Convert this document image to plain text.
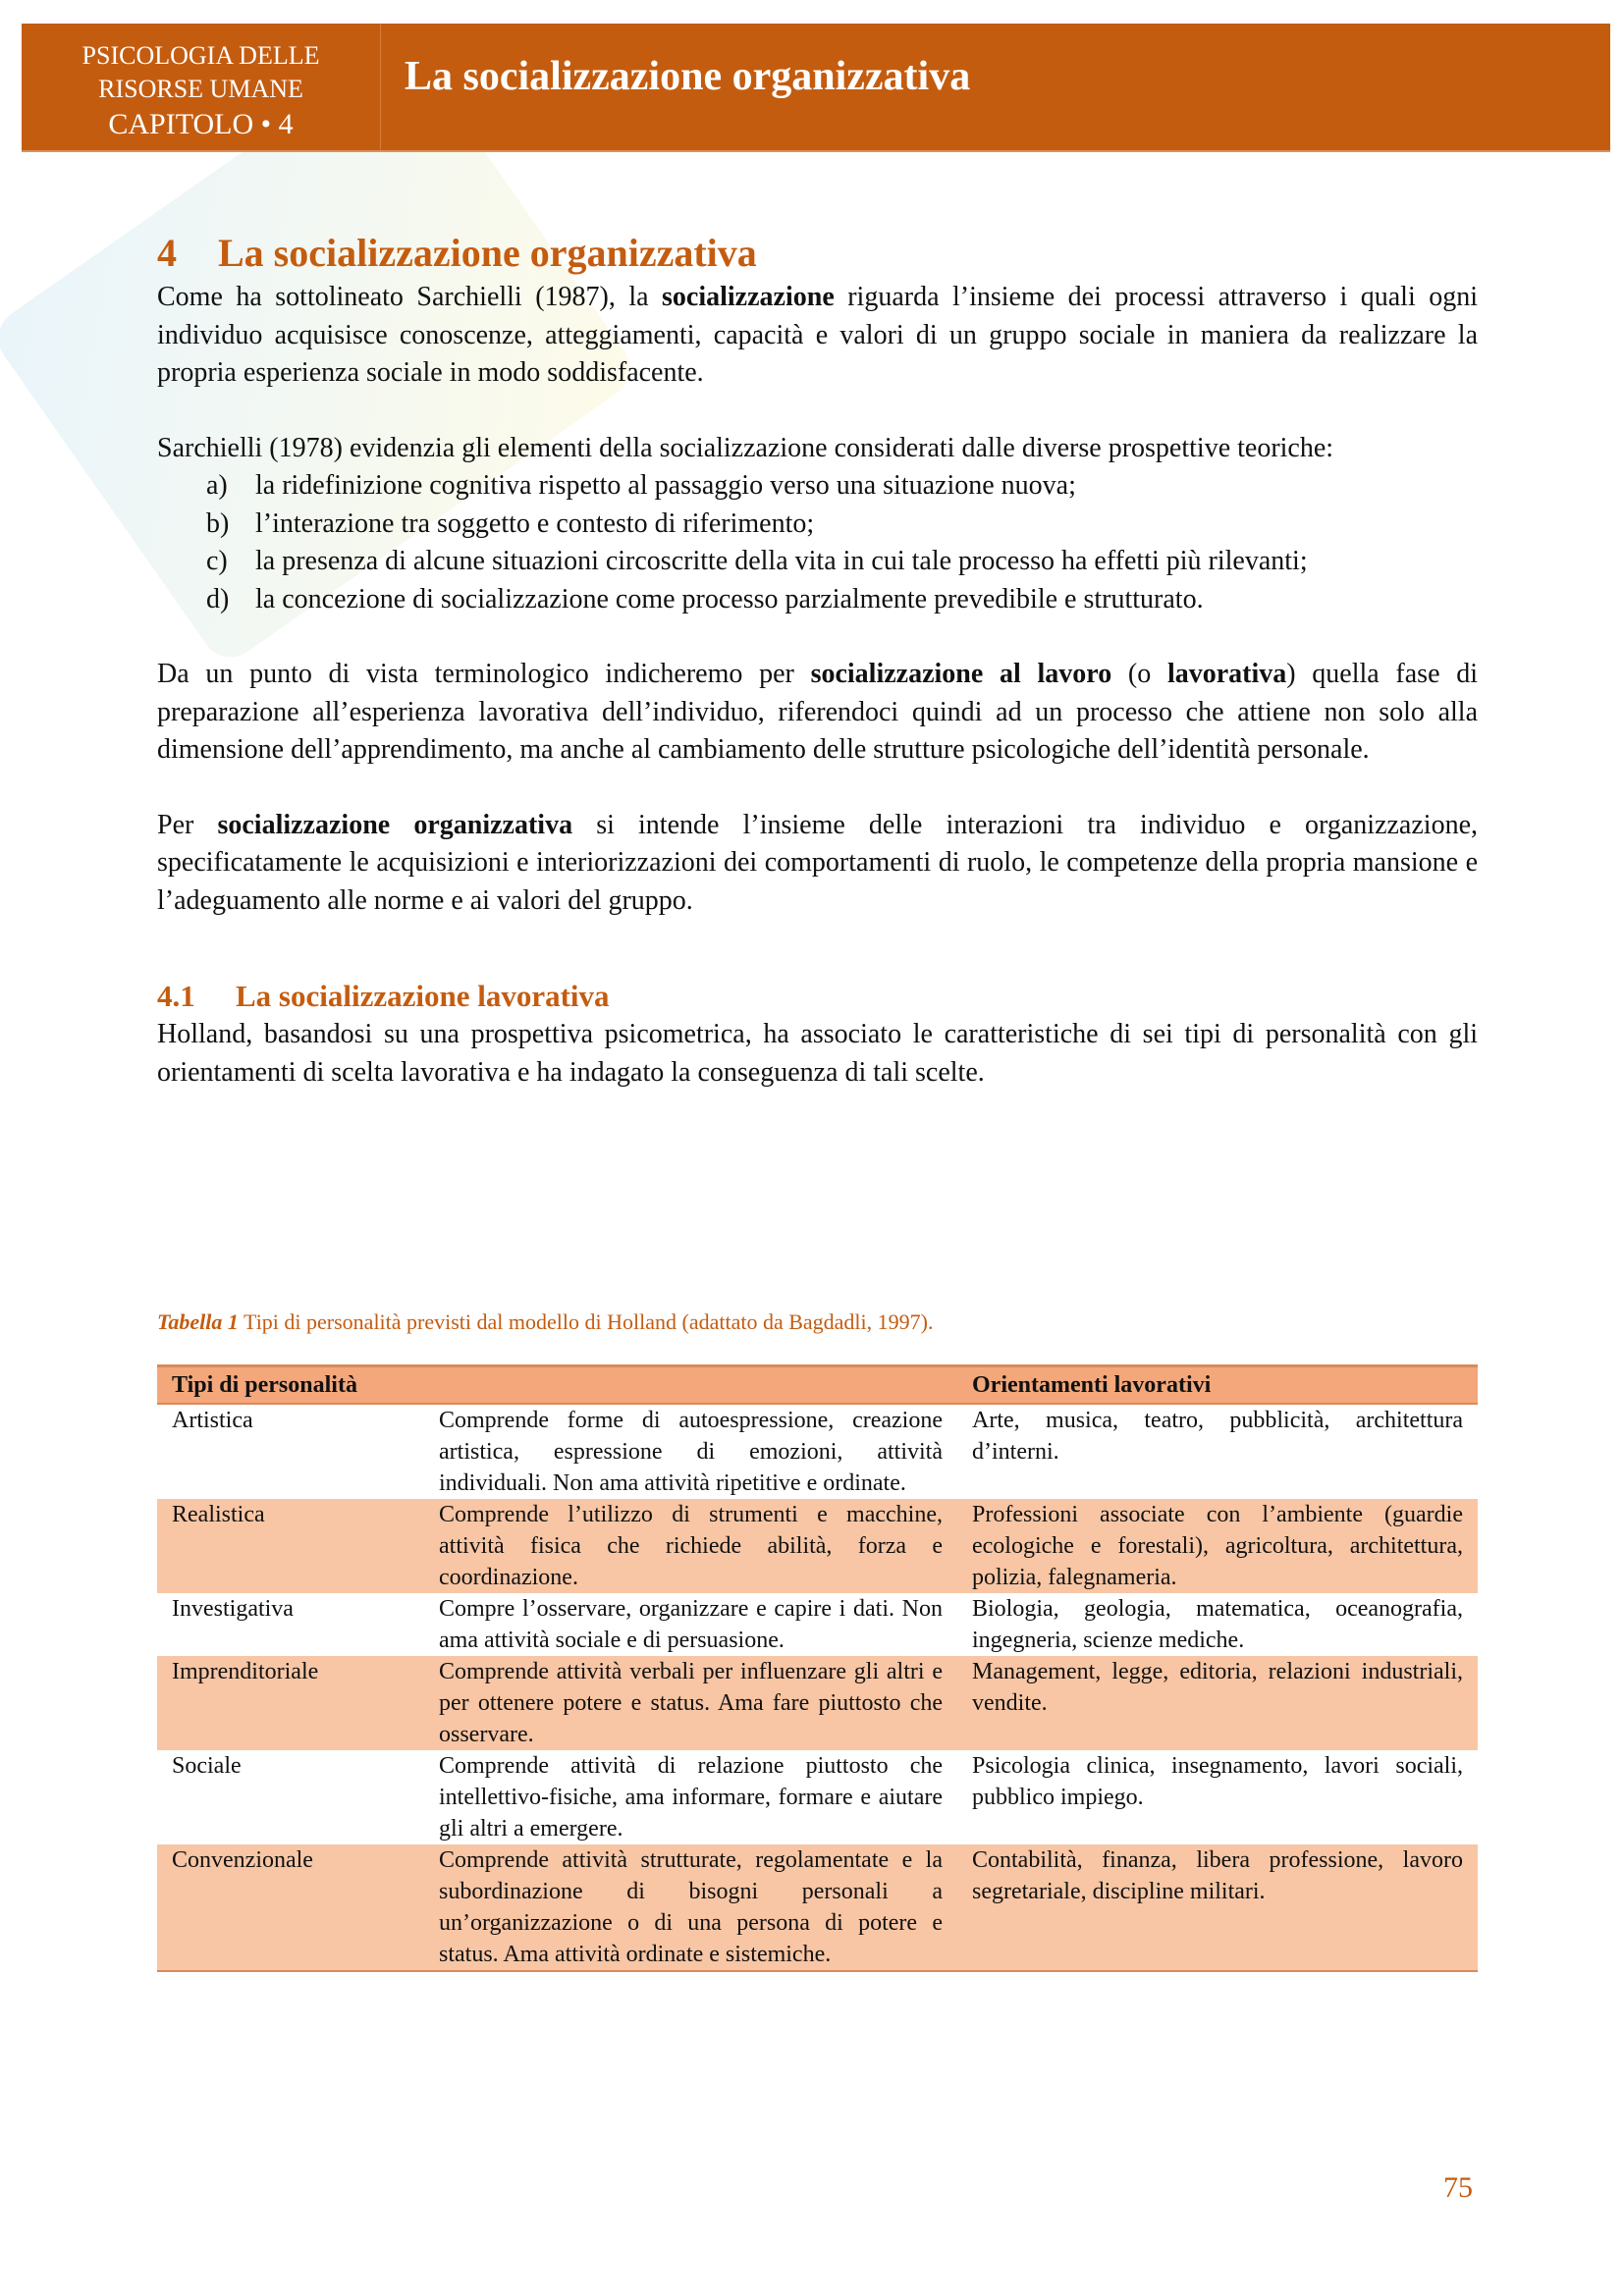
PSICOLOGIA DELLE
RISORSE UMANE
CAPITOLO • 4
La socializzazione organizzativa
4 La socializzazione organizzativa

Come ha sottolineato Sarchielli (1987), la socializzazione riguarda l’insieme dei processi attraverso i quali ogni individuo acquisisce conoscenze, atteggiamenti, capacità e valori di un gruppo sociale in maniera da realizzare la propria esperienza sociale in modo soddisfacente.

Sarchielli (1978) evidenzia gli elementi della socializzazione considerati dalle diverse prospettive teoriche:

a)	la ridefinizione cognitiva rispetto al passaggio verso una situazione nuova;
b) l’interazione tra soggetto e contesto di riferimento;
c)	la presenza di alcune situazioni circoscritte della vita in cui tale processo ha effetti più rilevanti;
d) la concezione di socializzazione come processo parzialmente prevedibile e strutturato.

Da un punto di vista terminologico indicheremo per socializzazione al lavoro (o lavorativa) quella fase di preparazione all’esperienza lavorativa dell’individuo, riferendoci quindi ad un processo che attiene non solo alla dimensione dell’apprendimento, ma anche al cambiamento delle strutture psicologiche dell’identità personale.

Per socializzazione organizzativa si intende l’insieme delle interazioni tra individuo e organizzazione, specificatamente le acquisizioni e interiorizzazioni dei comportamenti di ruolo, le competenze della propria mansione e l’adeguamento alle norme e ai valori del gruppo.

4.1 La socializzazione lavorativa

Holland, basandosi su una prospettiva psicometrica, ha associato le caratteristiche di sei tipi di personalità con gli orientamenti di scelta lavorativa e ha indagato la conseguenza di tali scelte.

Tabella 1 Tipi di personalità previsti dal modello di Holland (adattato da Bagdadli, 1997).
Tipi di personalità		Orientamenti lavorativi
Artistica	Comprende forme di autoespressione, creazione artistica, espressione di emozioni, attività individuali. Non ama attività ripetitive e ordinate.	Arte, musica, teatro, pubblicità, architettura d’interni.
Realistica	Comprende l’utilizzo di strumenti e macchine, attività fisica che richiede abilità, forza e coordinazione.	Professioni associate con l’ambiente (guardie ecologiche e forestali), agricoltura, architettura, polizia, falegnameria.
Investigativa	Compre l’osservare, organizzare e capire i dati. Non ama attività sociale e di persuasione.	Biologia, geologia, matematica, oceanografia, ingegneria, scienze mediche.
Imprenditoriale	Comprende attività verbali per influenzare gli altri e per ottenere potere e status. Ama fare piuttosto che osservare.	Management, legge, editoria, relazioni industriali, vendite.
Sociale	Comprende attività di relazione piuttosto che intellettivo-fisiche, ama informare, formare e aiutare gli altri a emergere.	Psicologia clinica, insegnamento, lavori sociali, pubblico impiego.
Convenzionale	Comprende attività strutturate, regolamentate e la subordinazione di bisogni personali a un’organizzazione o di una persona di potere e status. Ama attività ordinate e sistemiche.	Contabilità, finanza, libera professione, lavoro segretariale, discipline militari.
75
